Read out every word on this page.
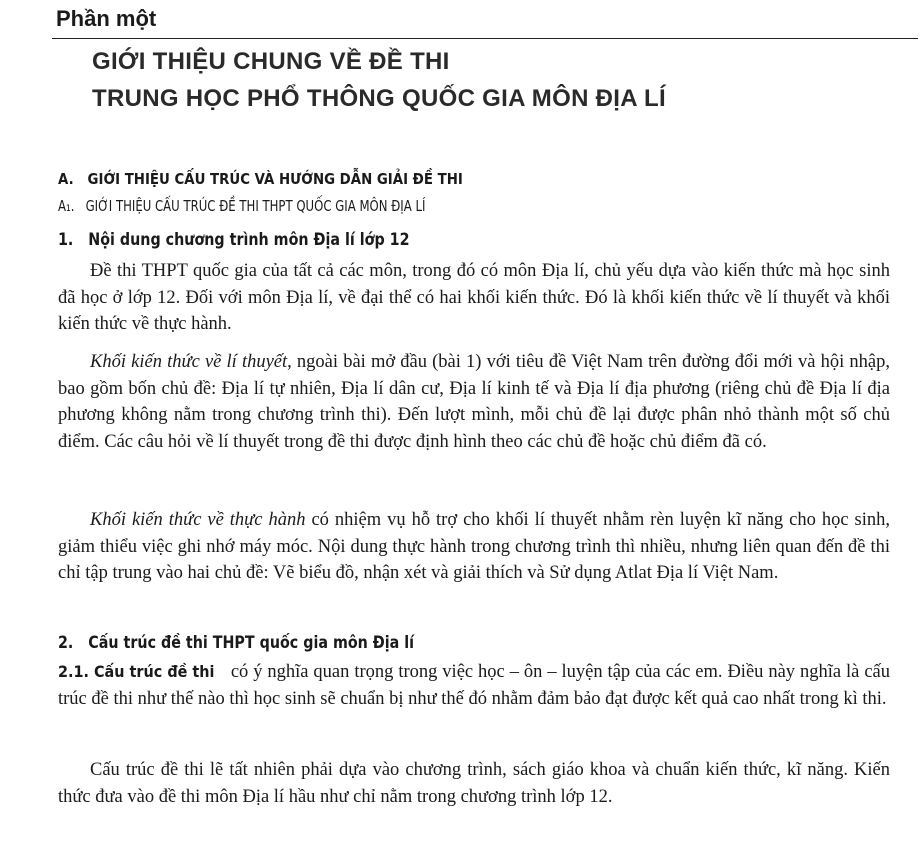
Phần một
GIỚI THIỆU CHUNG VỀ ĐỀ THI
TRUNG HỌC PHỔ THÔNG QUỐC GIA MÔN ĐỊA LÍ
A.   GIỚI THIỆU CẤU TRÚC VÀ HƯỚNG DẪN GIẢI ĐỀ THI
A₁.   GIỚI THIỆU CẤU TRÚC ĐỀ THI THPT QUỐC GIA MÔN ĐỊA LÍ
1.   Nội dung chương trình môn Địa lí lớp 12

Đề thi THPT quốc gia của tất cả các môn, trong đó có môn Địa lí, chủ yếu dựa vào kiến thức mà học sinh đã học ở lớp 12. Đối với môn Địa lí, về đại thể có hai khối kiến thức. Đó là khối kiến thức về lí thuyết và khối kiến thức về thực hành.

Khối kiến thức về lí thuyết, ngoài bài mở đầu (bài 1) với tiêu đề Việt Nam trên đường đổi mới và hội nhập, bao gồm bốn chủ đề: Địa lí tự nhiên, Địa lí dân cư, Địa lí kinh tế và Địa lí địa phương (riêng chủ đề Địa lí địa phương không nằm trong chương trình thi). Đến lượt mình, mỗi chủ đề lại được phân nhỏ thành một số chủ điểm. Các câu hỏi về lí thuyết trong đề thi được định hình theo các chủ đề hoặc chủ điểm đã có.

Khối kiến thức về thực hành có nhiệm vụ hỗ trợ cho khối lí thuyết nhằm rèn luyện kĩ năng cho học sinh, giảm thiểu việc ghi nhớ máy móc. Nội dung thực hành trong chương trình thì nhiều, nhưng liên quan đến đề thi chỉ tập trung vào hai chủ đề: Vẽ biểu đồ, nhận xét và giải thích và Sử dụng Atlat Địa lí Việt Nam.

2.   Cấu trúc đề thi THPT quốc gia môn Địa lí

2.1. Cấu trúc đề thi có ý nghĩa quan trọng trong việc học – ôn – luyện tập của các em. Điều này nghĩa là cấu trúc đề thi như thế nào thì học sinh sẽ chuẩn bị như thế đó nhằm đảm bảo đạt được kết quả cao nhất trong kì thi.

Cấu trúc đề thi lẽ tất nhiên phải dựa vào chương trình, sách giáo khoa và chuẩn kiến thức, kĩ năng. Kiến thức đưa vào đề thi môn Địa lí hầu như chỉ nằm trong chương trình lớp 12.
